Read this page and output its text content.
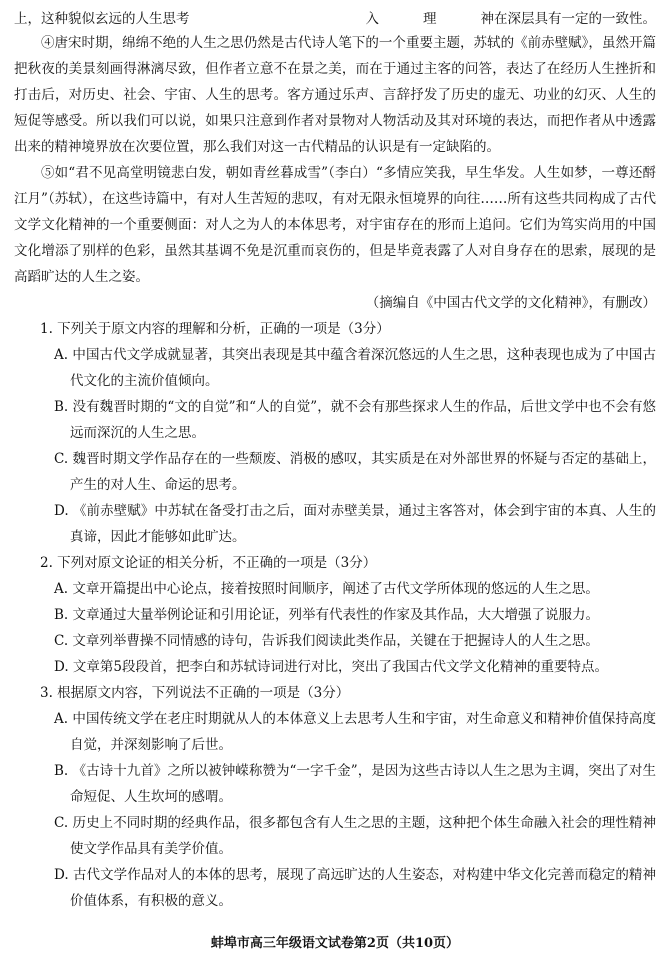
上，这种貌似玄远的人生思考	入	理	神在深层具有一定的一致性。

④唐宋时期，绵绵不绝的人生之思仍然是古代诗人笔下的一个重要主题，苏轼的《前赤壁赋》，虽然开篇把秋夜的美景刻画得淋漓尽致，但作者立意不在景之美，而在于通过主客的问答，表达了在经历人生挫折和打击后，对历史、社会、宇宙、人生的思考。客方通过乐声、言辞抒发了历史的虚无、功业的幻灭、人生的短促等感受。所以我们可以说，如果只注意到作者对景物对人物活动及其对环境的表达，而把作者从中透露出来的精神境界放在次要位置，那么我们对这一古代精品的认识是有一定缺陷的。

⑤如“君不见高堂明镜悲白发，朝如青丝暮成雪”（李白）“多情应笑我，早生华发。人生如梦，一尊还酹江月”（苏轼），在这些诗篇中，有对人生苦短的悲叹，有对无限永恒境界的向往……所有这些共同构成了古代文学文化精神的一个重要侧面：对人之为人的本体思考，对宇宙存在的形而上追问。它们为笃实尚用的中国文化增添了别样的色彩，虽然其基调不免是沉重而哀伤的，但是毕竟表露了人对自身存在的思索，展现的是高蹈旷达的人生之姿。

（摘编自《中国古代文学的文化精神》，有删改）

1. 下列关于原文内容的理解和分析，正确的一项是（3分）

A. 中国古代文学成就显著，其突出表现是其中蕴含着深沉悠远的人生之思，这种表现也成为了中国古代文化的主流价值倾向。

B. 没有魏晋时期的“文的自觉”和“人的自觉”，就不会有那些探求人生的作品，后世文学中也不会有悠远而深沉的人生之思。

C. 魏晋时期文学作品存在的一些颓废、消极的感叹，其实质是在对外部世界的怀疑与否定的基础上，产生的对人生、命运的思考。

D. 《前赤壁赋》中苏轼在备受打击之后，面对赤壁美景，通过主客答对，体会到宇宙的本真、人生的真谛，因此才能够如此旷达。

2. 下列对原文论证的相关分析，不正确的一项是（3分）

A. 文章开篇提出中心论点，接着按照时间顺序，阐述了古代文学所体现的悠远的人生之思。

B. 文章通过大量举例论证和引用论证，列举有代表性的作家及其作品，大大增强了说服力。

C. 文章列举曹操不同情感的诗句，告诉我们阅读此类作品，关键在于把握诗人的人生之思。

D. 文章第5段段首，把李白和苏轼诗词进行对比，突出了我国古代文学文化精神的重要特点。

3. 根据原文内容，下列说法不正确的一项是（3分）

A. 中国传统文学在老庄时期就从人的本体意义上去思考人生和宇宙，对生命意义和精神价值保持高度自觉，并深刻影响了后世。

B. 《古诗十九首》之所以被钟嵘称赞为“一字千金”，是因为这些古诗以人生之思为主调，突出了对生命短促、人生坎坷的感喟。

C. 历史上不同时期的经典作品，很多都包含有人生之思的主题，这种把个体生命融入社会的理性精神使文学作品具有美学价值。

D. 古代文学作品对人的本体的思考，展现了高远旷达的人生姿态，对构建中华文化完善而稳定的精神价值体系，有积极的意义。

蚌埠市高三年级语文试卷第2页（共10页）
